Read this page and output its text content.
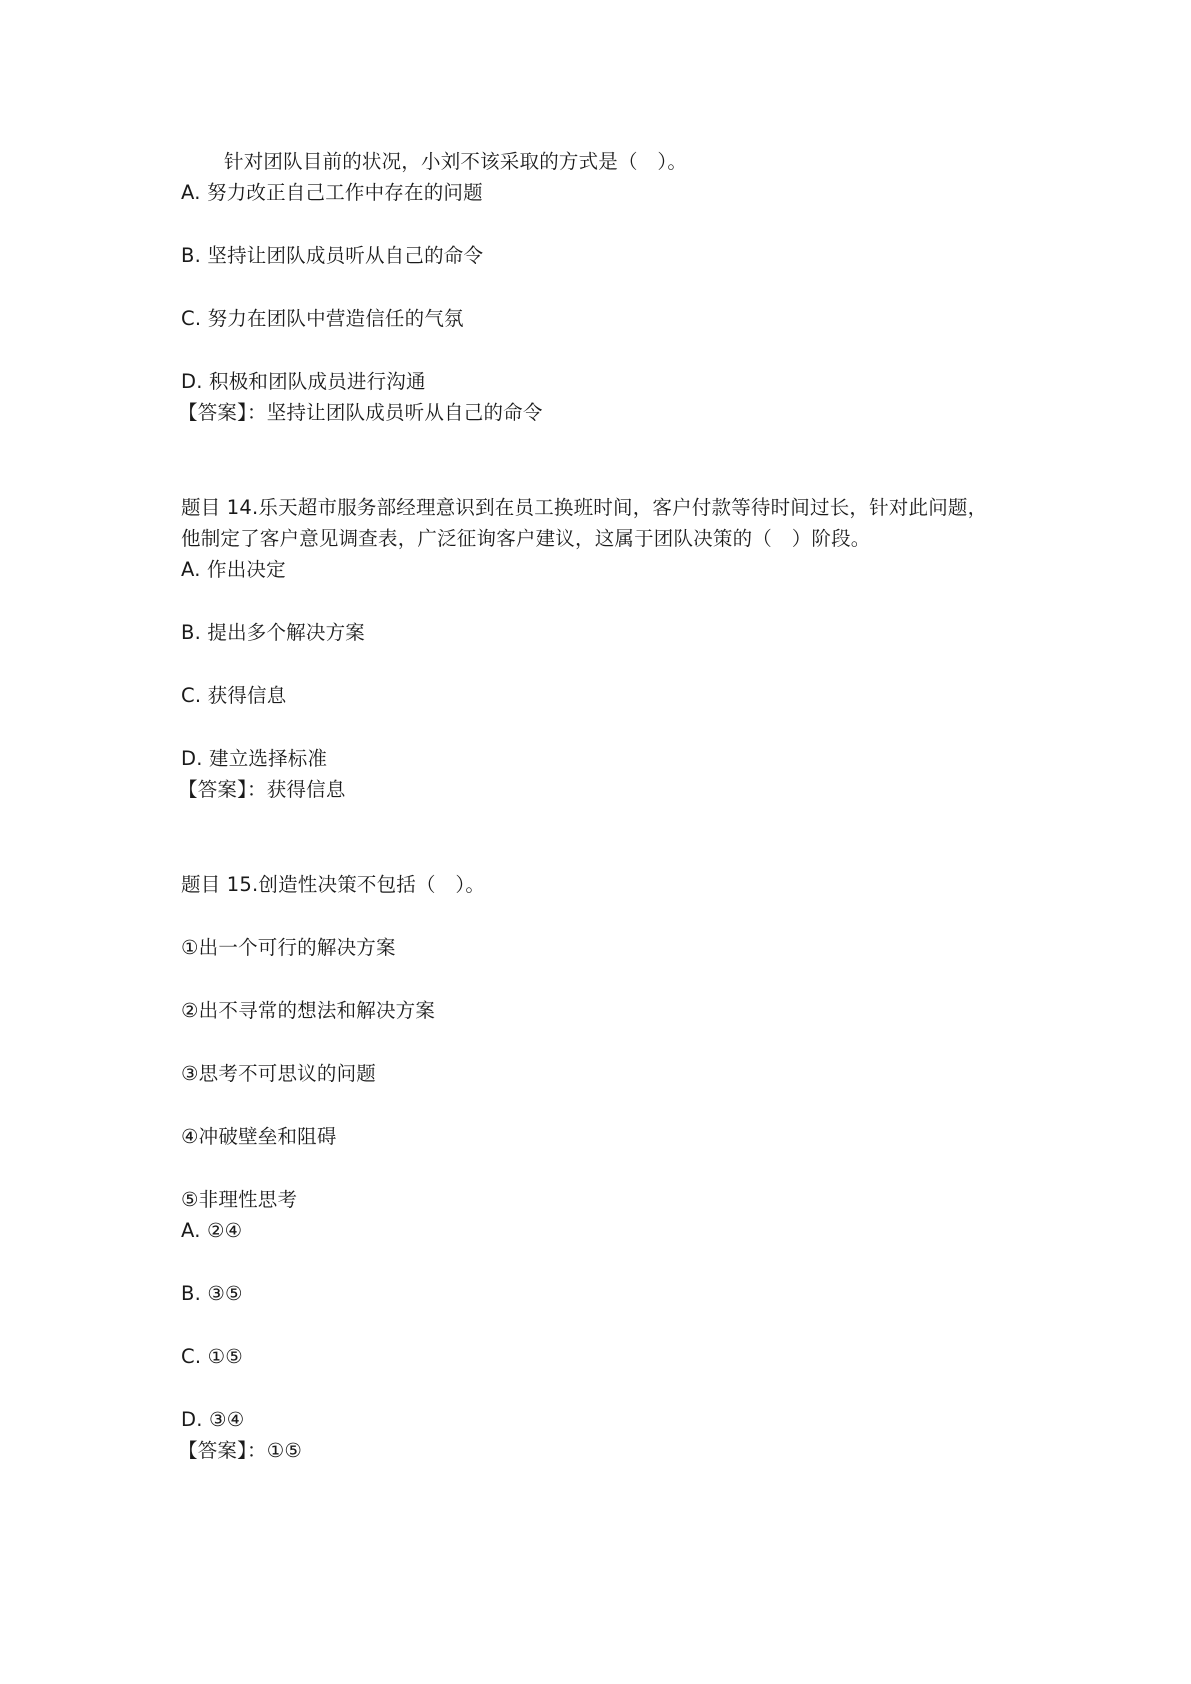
针对团队目前的状况，小刘不该采取的方式是（　）。
A. 努力改正自己工作中存在的问题
B. 坚持让团队成员听从自己的命令
C. 努力在团队中营造信任的气氛
D. 积极和团队成员进行沟通
【答案】：坚持让团队成员听从自己的命令
题目 14.乐天超市服务部经理意识到在员工换班时间，客户付款等待时间过长，针对此问题，
他制定了客户意见调查表，广泛征询客户建议，这属于团队决策的（　）阶段。
A. 作出决定
B. 提出多个解决方案
C. 获得信息
D. 建立选择标准
【答案】：获得信息
题目 15.创造性决策不包括（　）。
①出一个可行的解决方案
②出不寻常的想法和解决方案
③思考不可思议的问题
④冲破壁垒和阻碍
⑤非理性思考
A. ②④
B. ③⑤
C. ①⑤
D. ③④
【答案】：①⑤
